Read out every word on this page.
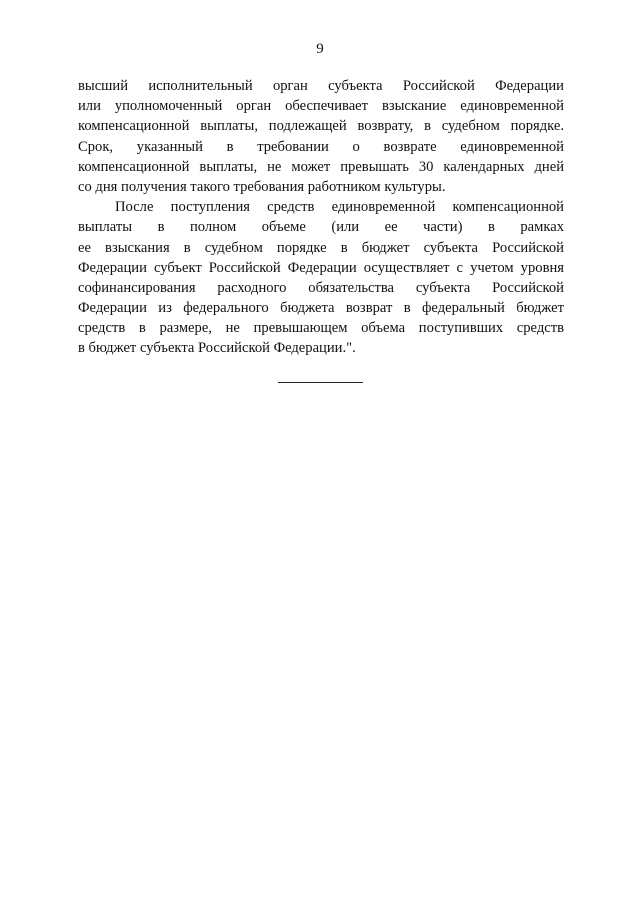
9
высший исполнительный орган субъекта Российской Федерации
или уполномоченный орган обеспечивает взыскание единовременной
компенсационной выплаты, подлежащей возврату, в судебном порядке.
Срок, указанный в требовании о возврате единовременной
компенсационной выплаты, не может превышать 30 календарных дней
со дня получения такого требования работником культуры.
После поступления средств единовременной компенсационной
выплаты в полном объеме (или ее части) в рамках
ее взыскания в судебном порядке в бюджет субъекта Российской
Федерации субъект Российской Федерации осуществляет с учетом уровня
софинансирования расходного обязательства субъекта Российской
Федерации из федерального бюджета возврат в федеральный бюджет
средств в размере, не превышающем объема поступивших средств
в бюджет субъекта Российской Федерации.".
